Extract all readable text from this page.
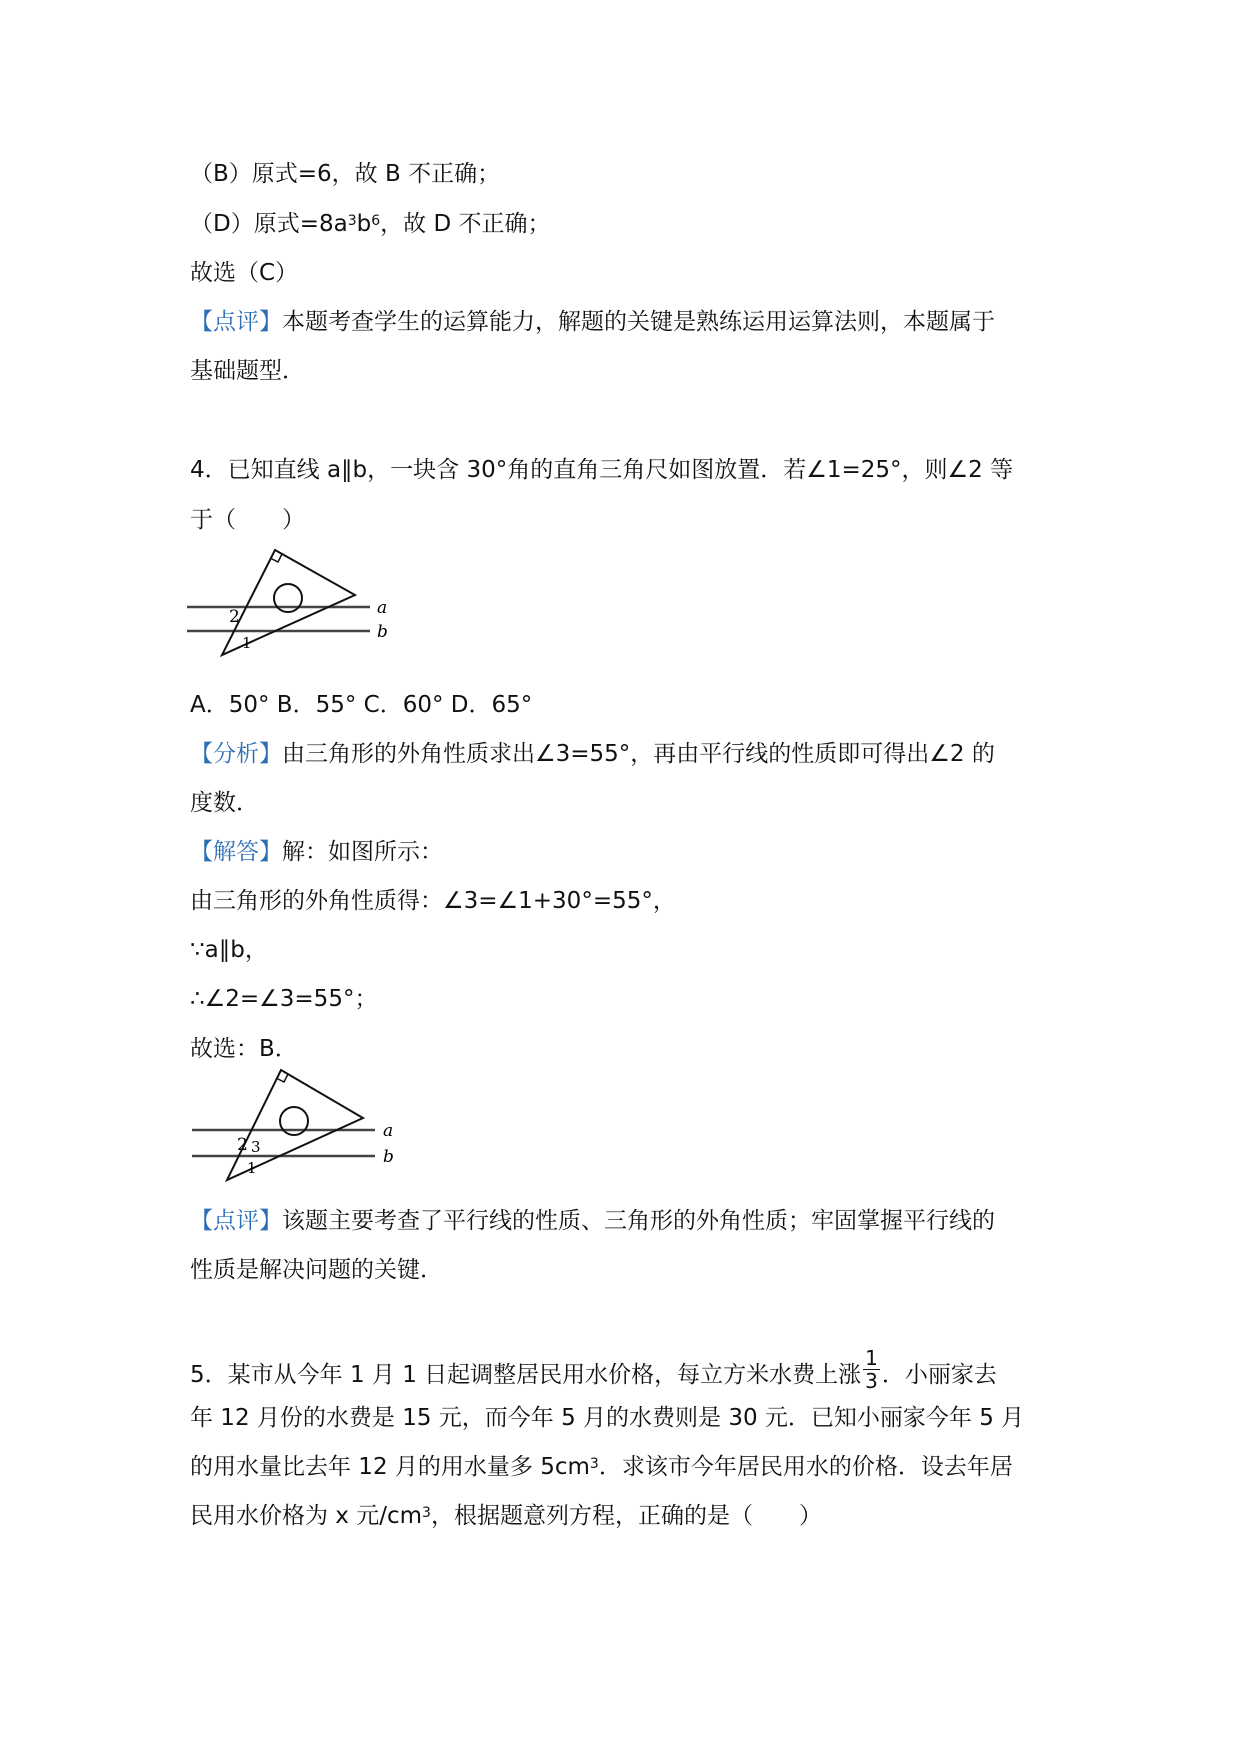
（B）原式=6，故 B 不正确；
（D）原式$=8a^3b^6$，故 D 不正确；
故选（C）
【点评】本题考查学生的运算能力，解题的关键是熟练运用运算法则，本题属于
基础题型．
4．已知直线 a∥b，一块含 30°角的直角三角尺如图放置．若∠1=25°，则∠2 等
于（　　）
a
b
2
1
A．50° B．55° C．60° D．65°
【分析】由三角形的外角性质求出∠3=55°，再由平行线的性质即可得出∠2 的
度数．
【解答】解：如图所示：
由三角形的外角性质得：∠3=∠1+30°=55°，
∵a∥b，
∴∠2=∠3=55°；
故选：B．
a
b
2 3
1
【点评】该题主要考查了平行线的性质、三角形的外角性质；牢固掌握平行线的
性质是解决问题的关键．
5．某市从今年 1 月 1 日起调整居民用水价格，每立方米水费上涨 $\frac{1}{3}$ ．小丽家去
年 12 月份的水费是 15 元，而今年 5 月的水费则是 30 元．已知小丽家今年 5 月
的用水量比去年 12 月的用水量多 $5cm^3$．求该市今年居民用水的价格．设去年居
民用水价格为 x 元$/cm^3$，根据题意列方程，正确的是（　　）
